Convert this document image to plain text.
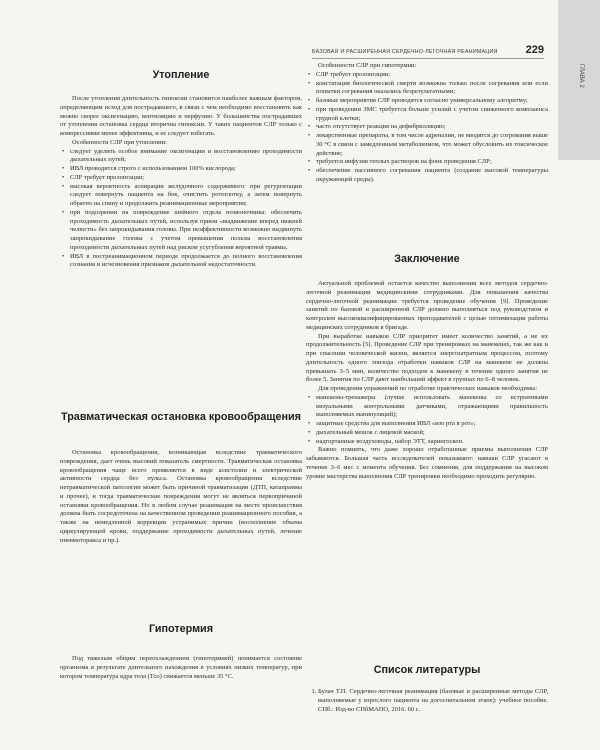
ГЛАВА 2
БАЗОВАЯ И РАСШИРЕННАЯ СЕРДЕЧНО-ЛЕГОЧНАЯ РЕАНИМАЦИЯ	229
Утопление

После утопления длительность гипоксии становится наиболее важным фактором, определяющим исход для пострадавшего, в связи с чем необходимо восстановить как можно скорее оксигенацию, вентиляцию и перфузию. У большинства пострадавших от утопления остановка сердца вторична гипоксии. У таких пациентов СЛР только с компрессиями менее эффективна, и ее следует избегать.

Особенности СЛР при утоплении:

• следует уделить особое внимание оксигенации и восстановлению проходимости дыхательных путей;
• ИВЛ проводится строго с использованием 100% кислорода;
• СЛР требует пролонгации;
• высокая вероятность аспирации желудочного содержимого: при регургитации следует повернуть пациента на бок, очистить ротоглотку, а затем повернуть обратно на спину и продолжить реанимационные мероприятия;
• при подозрении на повреждение шейного отдела позвоночника: обеспечить проходимость дыхательных путей, используя прием «выдвижение вперед нижней челюсти» без запрокидывания головы. При неэффективности возможно выдвинуть запрокидывание головы с учетом превышения пользы восстановления проходимости дыхательных путей над риском усугубления вероятной травмы.
• ИВЛ в постреанимационном периоде продолжается до полного восстановления сознания и исчезновения признаков дыхательной недостаточности.
Травматическая остановка кровообращения

Остановка кровообращения, возникающая вследствие травматического повреждения, дает очень высокий показатель смертности. Травматическая остановка кровообращения чаще всего проявляется в виде асистолии и электрической активности сердца без пульса. Остановка кровообращения вследствие нетравматической патологии может быть причиной травматизации (ДТП, катапрамма и прочее), и тогда травматические повреждения могут не являться первопричиной остановки кровообращения. Но в любом случае реанимация на месте происшествия должна быть сосредоточена на качественном проведении реанимационного пособия, а также на немедленной коррекции устранимых причин (восполнение объема циркулирующей крови, поддержание проходимости дыхательных путей, лечение пневмоторакса и пр.).

Гипотермия

Под тяжелым общим переохлаждением (гипотермией) понимается состояние организма в результате длительного нахождения в условиях низких температур, при котором температура ядра тела (Тсо) снижается меньше 35 °С.

Особенности СЛР при гипотермии:

• СЛР требует пролонгации;
• констатация биологической смерти возможна только после согревания или если попытки согревания оказались безрезультатными;
• базовые мероприятия СЛР проводятся согласно универсальному алгоритму;
• при проведении ЗМС требуется больше усилий с учетом сниженного комплаенса грудной клетки;
• часто отсутствует реакция на дефибрилляцию;
• лекарственные препараты, в том числе адреналин, не вводятся до согревания выше 30 °С в связи с замедленным метаболизмом, что может обусловить их токсическое действие;
• требуется инфузия теплых растворов на фоне проведения СЛР;
• обеспечение пассивного согревания пациента (создание высокой температуры окружающей среды).
Заключение

Актуальной проблемой остается качество выполнения всех методов сердечно-легочной реанимации медицинскими сотрудниками. Для повышения качества сердечно-легочной реанимации требуется проведение обучения [9]. Проведение занятий по базовой и расширенной СЛР должно выполняться под руководством и контролем высококвалифицированных преподавателей с целью оптимизации работы медицинских сотрудников в бригаде.

При выработке навыков СЛР приоритет имеет количество занятий, а не их продолжительность [5]. Проведение СЛР при тренировках на манекенах, так же как и при спасении человеческой жизни, является энергозатратным процессом, поэтому длительность одного эпизода отработки навыков СЛР на манекене не должна превышать 3–5 мин, количество подходов к манекену в течение одного занятия не более 5. Занятия по СЛР дают наибольший эффект в группах по 6–8 человек.

Для проведения упражнений по отработке практических навыков необходимы:

• манекены-тренажеры (лучше использовать манекены со встроенными визуальными контрольными датчиками, отражающими правильность выполняемых манипуляций);
• защитные средства для выполнения ИВЛ «изо рта в рот»;
• дыхательный мешок с лицевой маской;
• надгортанные воздуховоды, набор ЭТТ, ларингоскоп.

Важно помнить, что даже хорошо отработанные приемы выполнения СЛР забываются. Большая часть исследователей показывают: навыки СЛР угасают в течение 3–6 мес с момента обучения. Без сомнения, для поддержания на высоком уровне мастерства выполнения СЛР тренировки необходимо проходить регулярно.

Список литературы
1. Булач Т.П. Сердечно-легочная реанимация (базовые и расширенные методы СЛР, выполняемые у взрослого пациента на догоспитальном этапе): учебное пособие. СПб.: Изд-во СПбМАПО, 2016. 60 с.
